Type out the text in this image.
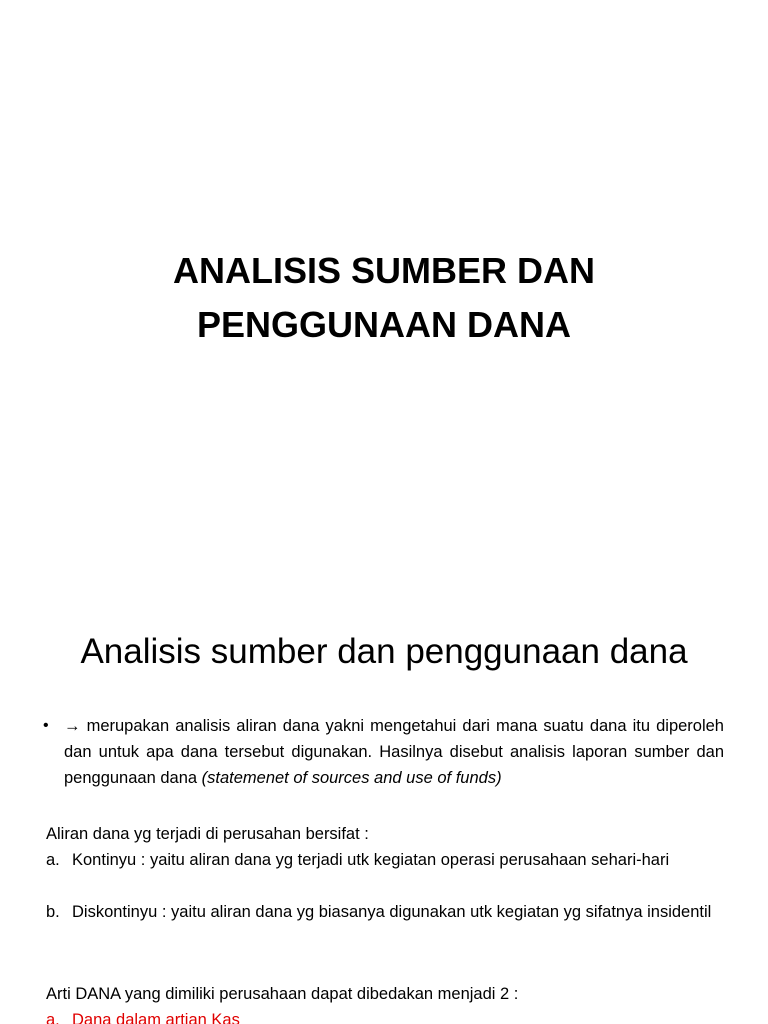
ANALISIS SUMBER DAN
PENGGUNAAN DANA
Analisis sumber dan penggunaan dana
• → merupakan analisis aliran dana yakni mengetahui dari mana suatu dana itu diperoleh dan untuk apa dana tersebut digunakan. Hasilnya disebut analisis laporan sumber dan penggunaan dana (statemenet of sources and use of funds)
Aliran dana yg terjadi di perusahan bersifat :
a. Kontinyu : yaitu aliran dana yg terjadi utk kegiatan operasi perusahaan sehari-hari
b. Diskontinyu : yaitu aliran dana yg biasanya digunakan utk kegiatan yg sifatnya insidentil
Arti DANA yang dimiliki perusahaan dapat dibedakan menjadi 2 :
a. Dana dalam artian Kas
